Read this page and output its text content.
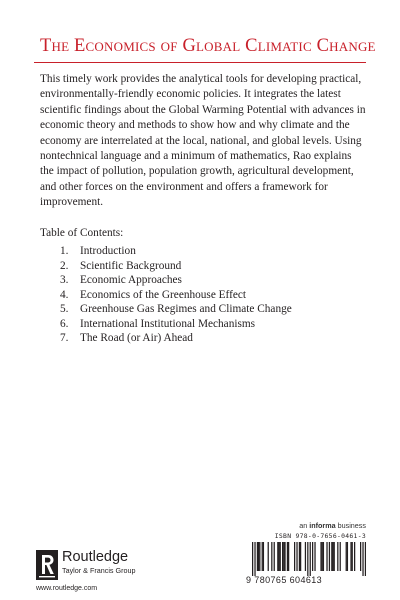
The Economics of Global Climatic Change

This timely work provides the analytical tools for developing practical, environmentally-friendly economic policies. It integrates the latest scientific findings about the Global Warming Potential with advances in economic theory and methods to show how and why climate and the economy are interrelated at the local, national, and global levels. Using nontechnical language and a minimum of mathematics, Rao explains the impact of pollution, population growth, agricultural development, and other forces on the environment and offers a framework for improvement.

Table of Contents:

1.	Introduction
2.	Scientific Background
3.	Economic Approaches
4.	Economics of the Greenhouse Effect
5.	Greenhouse Gas Regimes and Climate Change
6.	International Institutional Mechanisms
7.	The Road (or Air) Ahead
an informa business
ISBN 978-0-7656-0461-3
9 780765 604613
Routledge
Taylor & Francis Group
www.routledge.com
